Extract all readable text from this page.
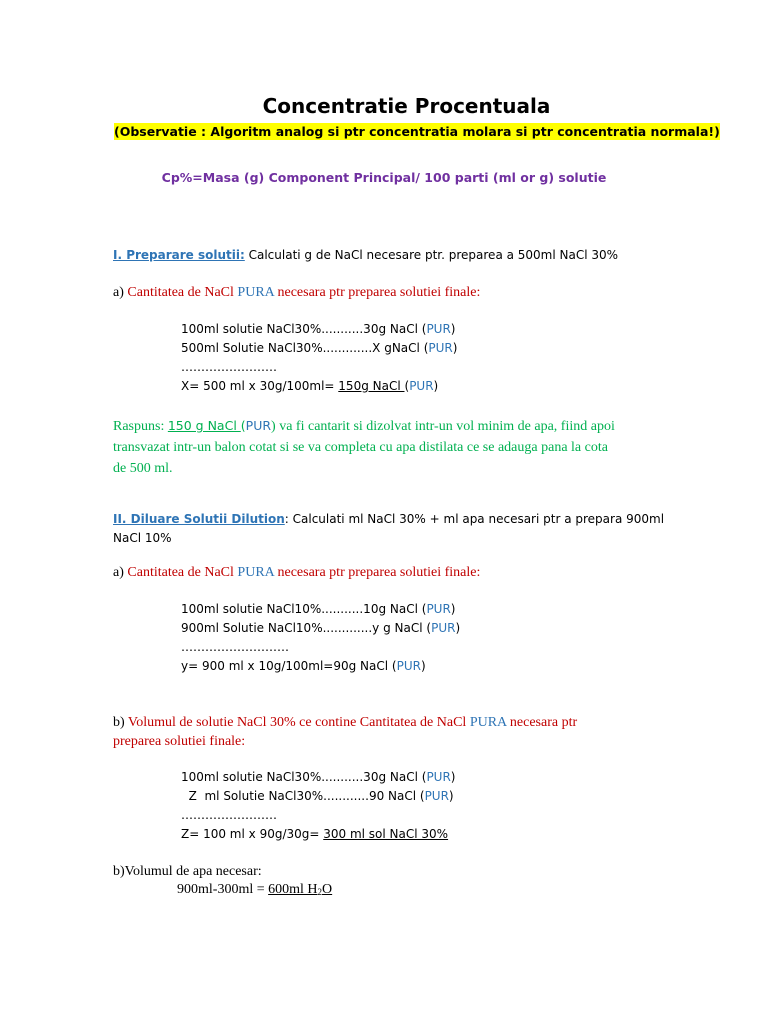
Concentratie Procentuala
(Observatie : Algoritm analog si ptr concentratia molara si ptr concentratia normala!)
Cp%=Masa (g) Component Principal/ 100 parti (ml or g) solutie
I. Preparare solutii: Calculati g de NaCl necesare ptr. preparea a 500ml NaCl 30%
a) Cantitatea de NaCl PURA necesara ptr preparea solutiei finale:
100ml solutie NaCl30%...........30g NaCl (PUR)
500ml Solutie NaCl30%.............X gNaCl (PUR)
……………………
X= 500 ml x 30g/100ml= 150g NaCl (PUR)
Raspuns: 150 g NaCl (PUR) va fi cantarit si dizolvat intr-un vol minim de apa, fiind apoi
transvazat intr-un balon cotat si se va completa cu apa distilata ce se adauga pana la cota
de 500 ml.
II. Diluare Solutii Dilution: Calculati ml NaCl 30% + ml apa necesari ptr a prepara 900ml
NaCl 10%
a) Cantitatea de NaCl PURA necesara ptr preparea solutiei finale:
100ml solutie NaCl10%...........10g NaCl (PUR)
900ml Solutie NaCl10%.............y g NaCl (PUR)
………………………
y= 900 ml x 10g/100ml=90g NaCl (PUR)
b) Volumul de solutie NaCl 30% ce contine Cantitatea de NaCl PURA necesara ptr
preparea solutiei finale:
100ml solutie NaCl30%...........30g NaCl (PUR)
Z  ml Solutie NaCl30%............90 NaCl (PUR)
……………………
Z= 100 ml x 90g/30g= 300 ml sol NaCl 30%
b)Volumul de apa necesar:
900ml-300ml = 600ml $H_2O$
